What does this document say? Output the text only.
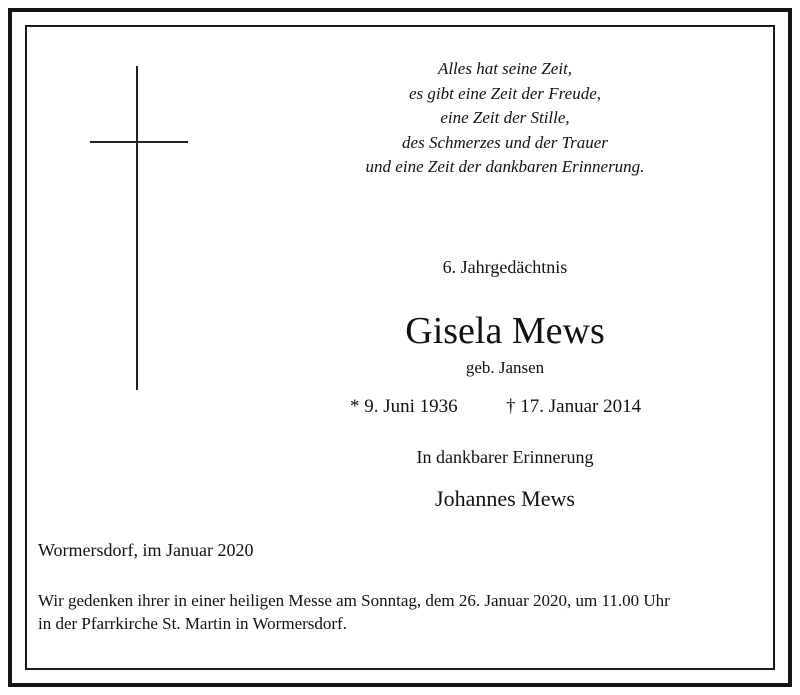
Alles hat seine Zeit,
es gibt eine Zeit der Freude,
eine Zeit der Stille,
des Schmerzes und der Trauer
und eine Zeit der dankbaren Erinnerung.
6. Jahrgedächtnis
Gisela Mews
geb. Jansen
* 9. Juni 1936	† 17. Januar 2014
In dankbarer Erinnerung
Johannes Mews
Wormersdorf, im Januar 2020
Wir gedenken ihrer in einer heiligen Messe am Sonntag, dem 26. Januar 2020, um 11.00 Uhr
in der Pfarrkirche St. Martin in Wormersdorf.
